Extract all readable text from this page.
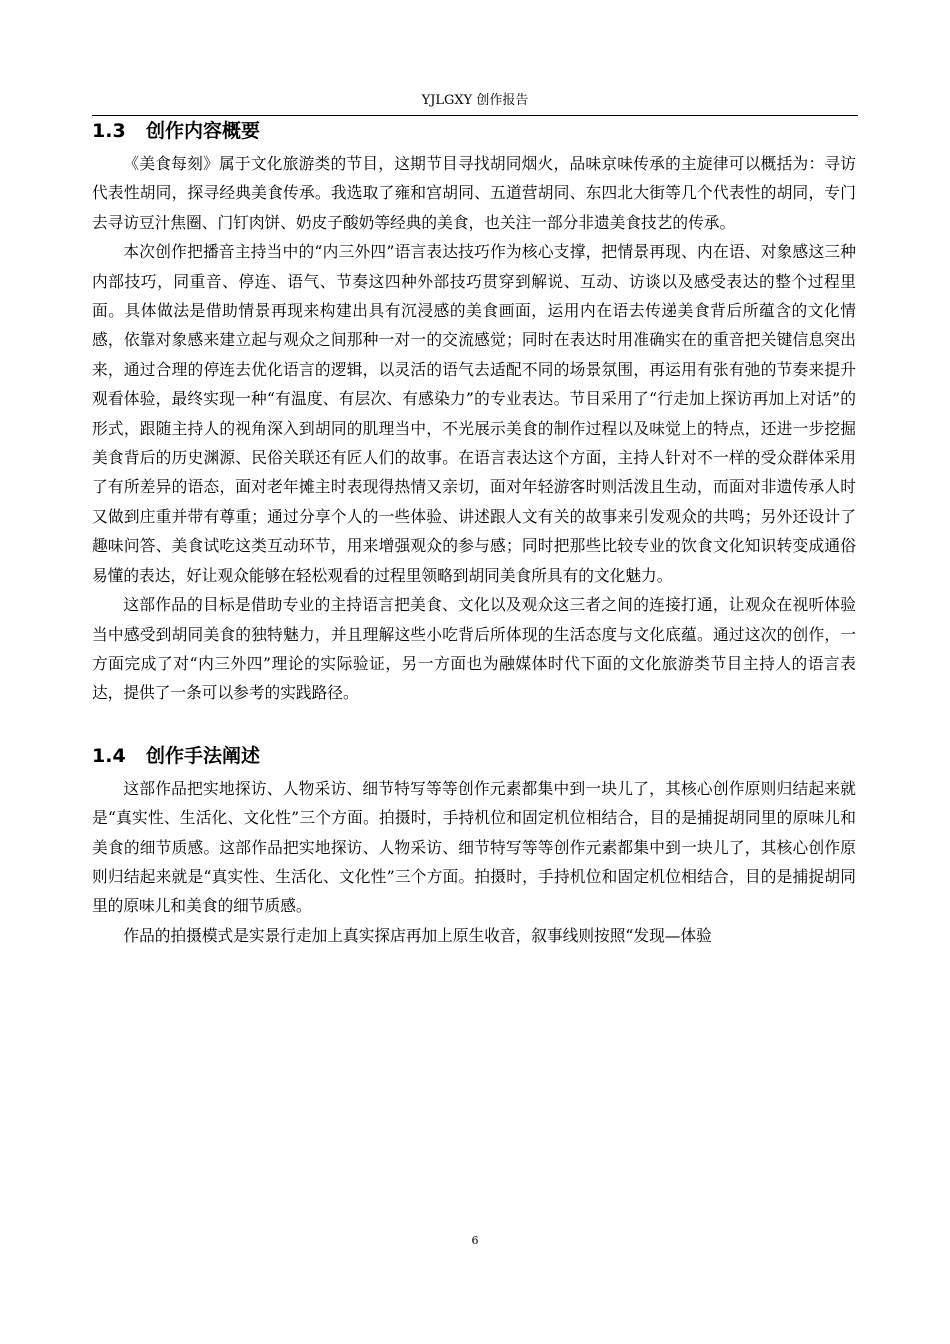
YJLGXY 创作报告
1.3 创作内容概要

《美食每刻》属于文化旅游类的节目，这期节目寻找胡同烟火，品味京味传承的主旋律可以概括为：寻访代表性胡同，探寻经典美食传承。我选取了雍和宫胡同、五道营胡同、东四北大街等几个代表性的胡同，专门去寻访豆汁焦圈、门钉肉饼、奶皮子酸奶等经典的美食，也关注一部分非遗美食技艺的传承。

本次创作把播音主持当中的“内三外四”语言表达技巧作为核心支撑，把情景再现、内在语、对象感这三种内部技巧，同重音、停连、语气、节奏这四种外部技巧贯穿到解说、互动、访谈以及感受表达的整个过程里面。具体做法是借助情景再现来构建出具有沉浸感的美食画面，运用内在语去传递美食背后所蕴含的文化情感，依靠对象感来建立起与观众之间那种一对一的交流感觉；同时在表达时用准确实在的重音把关键信息突出来，通过合理的停连去优化语言的逻辑，以灵活的语气去适配不同的场景氛围，再运用有张有弛的节奏来提升观看体验，最终实现一种“有温度、有层次、有感染力”的专业表达。节目采用了“行走加上探访再加上对话”的形式，跟随主持人的视角深入到胡同的肌理当中，不光展示美食的制作过程以及味觉上的特点，还进一步挖掘美食背后的历史渊源、民俗关联还有匠人们的故事。在语言表达这个方面，主持人针对不一样的受众群体采用了有所差异的语态，面对老年摊主时表现得热情又亲切，面对年轻游客时则活泼且生动，而面对非遗传承人时又做到庄重并带有尊重；通过分享个人的一些体验、讲述跟人文有关的故事来引发观众的共鸣；另外还设计了趣味问答、美食试吃这类互动环节，用来增强观众的参与感；同时把那些比较专业的饮食文化知识转变成通俗易懂的表达，好让观众能够在轻松观看的过程里领略到胡同美食所具有的文化魅力。

这部作品的目标是借助专业的主持语言把美食、文化以及观众这三者之间的连接打通，让观众在视听体验当中感受到胡同美食的独特魅力，并且理解这些小吃背后所体现的生活态度与文化底蕴。通过这次的创作，一方面完成了对“内三外四”理论的实际验证，另一方面也为融媒体时代下面的文化旅游类节目主持人的语言表达，提供了一条可以参考的实践路径。

1.4 创作手法阐述

这部作品把实地探访、人物采访、细节特写等等创作元素都集中到一块儿了，其核心创作原则归结起来就是“真实性、生活化、文化性”三个方面。拍摄时，手持机位和固定机位相结合，目的是捕捉胡同里的原味儿和美食的细节质感。这部作品把实地探访、人物采访、细节特写等等创作元素都集中到一块儿了，其核心创作原则归结起来就是“真实性、生活化、文化性”三个方面。拍摄时，手持机位和固定机位相结合，目的是捕捉胡同里的原味儿和美食的细节质感。

作品的拍摄模式是实景行走加上真实探店再加上原生收音，叙事线则按照“发现—体验

6
